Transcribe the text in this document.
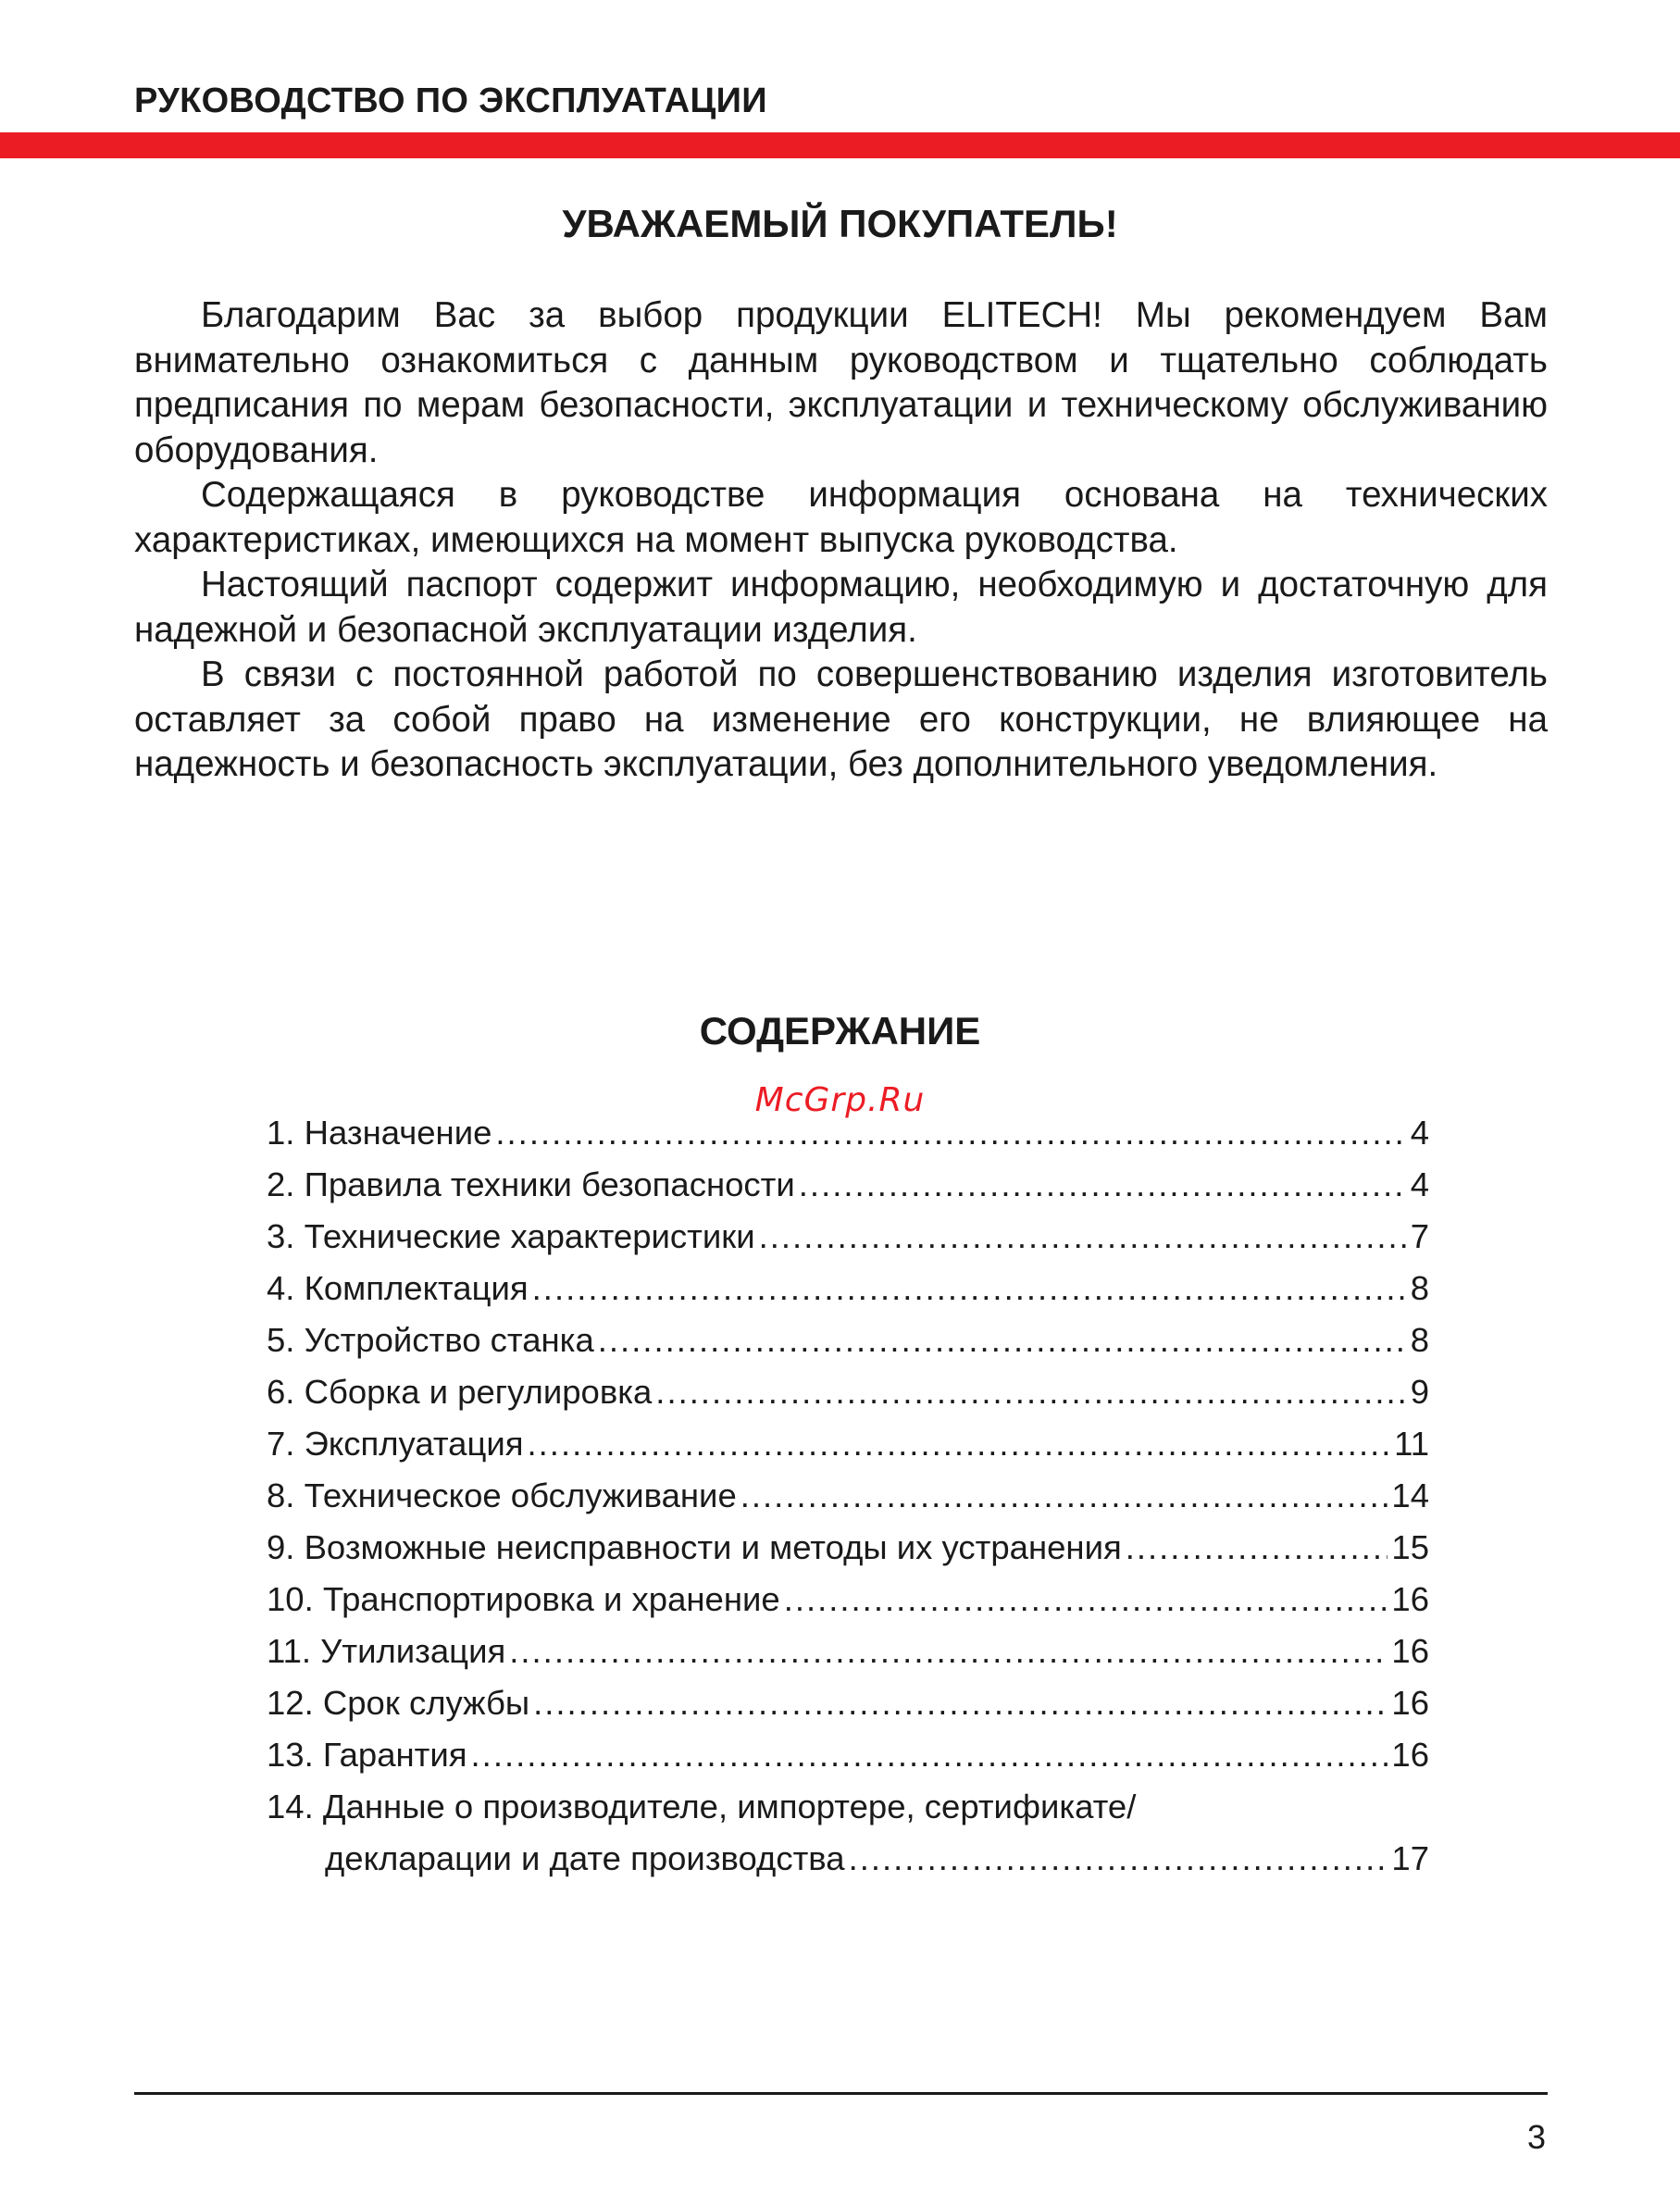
РУКОВОДСТВО ПО ЭКСПЛУАТАЦИИ
УВАЖАЕМЫЙ ПОКУПАТЕЛЬ!

Благодарим Вас за выбор продукции ELITECH! Мы рекомендуем Вам внимательно ознакомиться с данным руководством и тщательно соблюдать предписания по мерам безопасности, эксплуатации и техническому обслуживанию оборудования.

Содержащаяся в руководстве информация основана на технических характеристиках, имеющихся на момент выпуска руководства.

Настоящий паспорт содержит информацию, необходимую и достаточную для надежной и безопасной эксплуатации изделия.

В связи с постоянной работой по совершенствованию изделия изготовитель оставляет за собой право на изменение его конструкции, не влияющее на надежность и безопасность эксплуатации, без дополнительного уведомления.

СОДЕРЖАНИЕ
McGrp.Ru
1. Назначение .....	4
2. Правила техники безопасности .....	4
3. Технические характеристики .....	7
4. Комплектация .....	8
5. Устройство станка .....	8
6. Сборка и регулировка .....	9
7. Эксплуатация .....	11
8. Техническое обслуживание .....	14
9. Возможные неисправности и методы их устранения .....	15
10. Транспортировка и хранение .....	16
11. Утилизация .....	16
12. Срок службы .....	16
13. Гарантия .....	16
14. Данные о производителе, импортере, сертификате/
декларации и дате производства .....	17
3
